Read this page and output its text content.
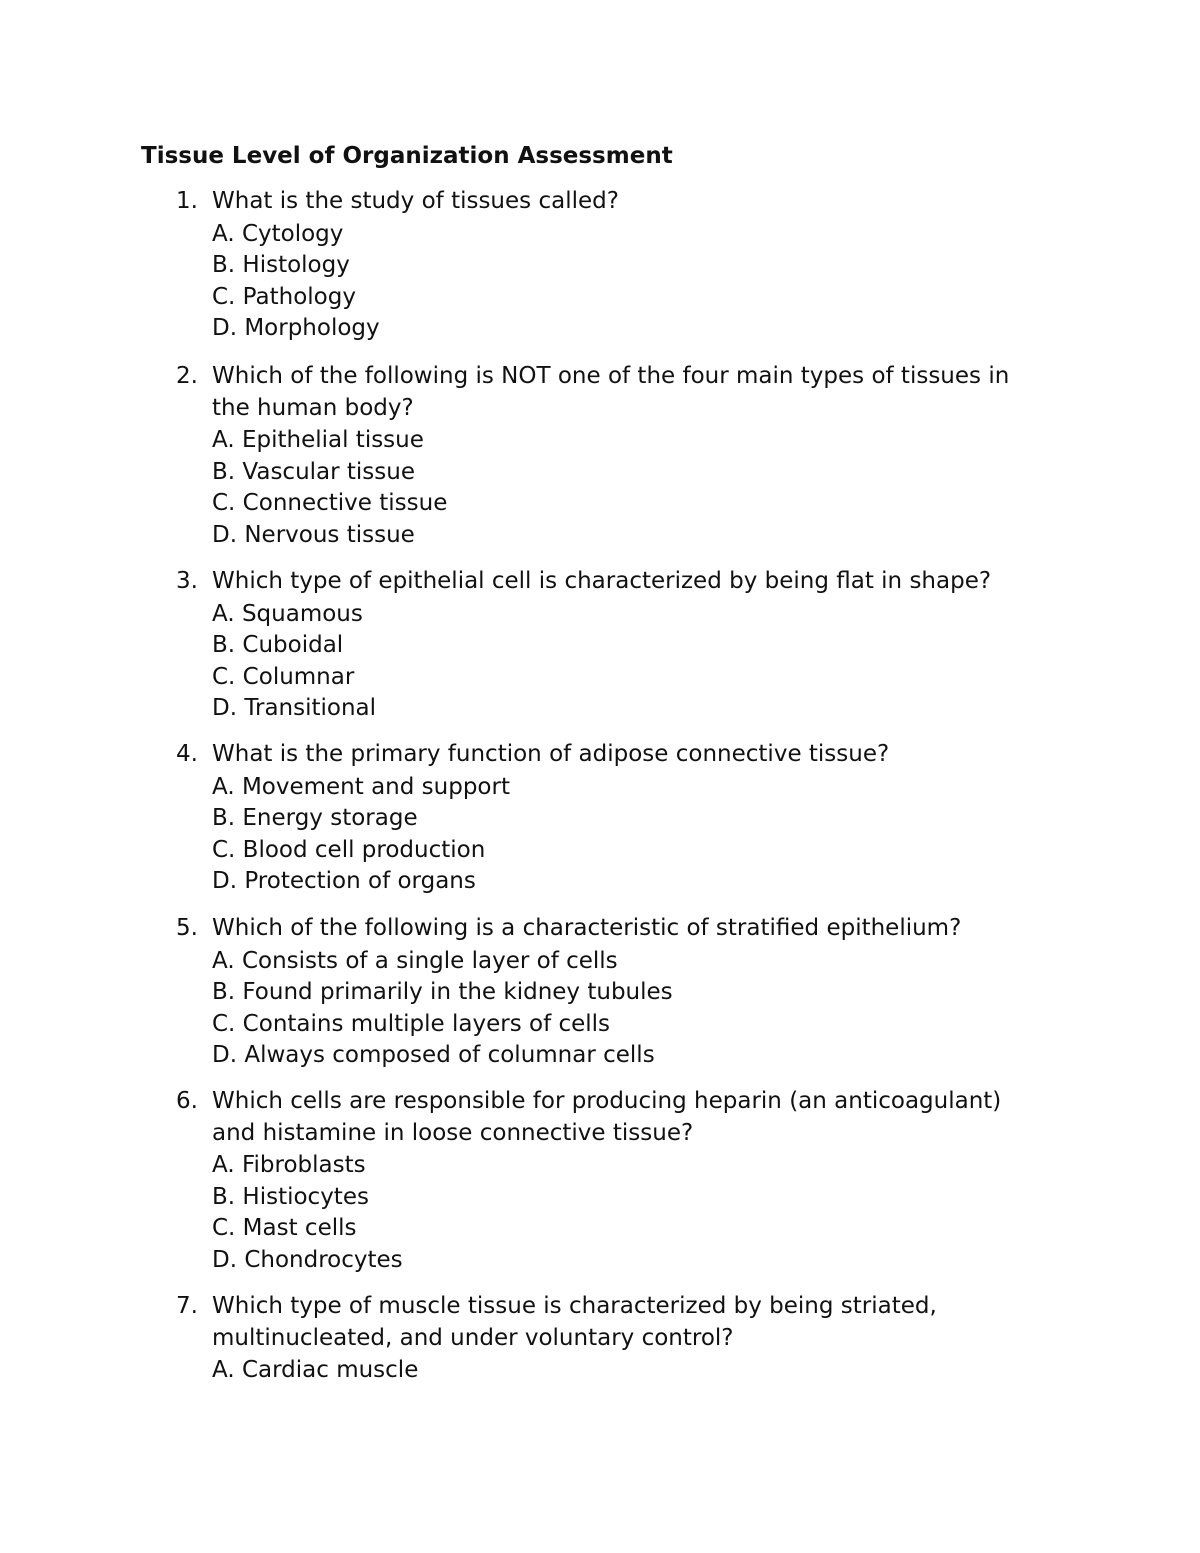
Tissue Level of Organization Assessment
1. What is the study of tissues called?
A. Cytology
B. Histology
C. Pathology
D. Morphology
2. Which of the following is NOT one of the four main types of tissues in
the human body?
A. Epithelial tissue
B. Vascular tissue
C. Connective tissue
D. Nervous tissue
3. Which type of epithelial cell is characterized by being flat in shape?
A. Squamous
B. Cuboidal
C. Columnar
D. Transitional
4. What is the primary function of adipose connective tissue?
A. Movement and support
B. Energy storage
C. Blood cell production
D. Protection of organs
5. Which of the following is a characteristic of stratified epithelium?
A. Consists of a single layer of cells
B. Found primarily in the kidney tubules
C. Contains multiple layers of cells
D. Always composed of columnar cells
6. Which cells are responsible for producing heparin (an anticoagulant)
and histamine in loose connective tissue?
A. Fibroblasts
B. Histiocytes
C. Mast cells
D. Chondrocytes
7. Which type of muscle tissue is characterized by being striated,
multinucleated, and under voluntary control?
A. Cardiac muscle
